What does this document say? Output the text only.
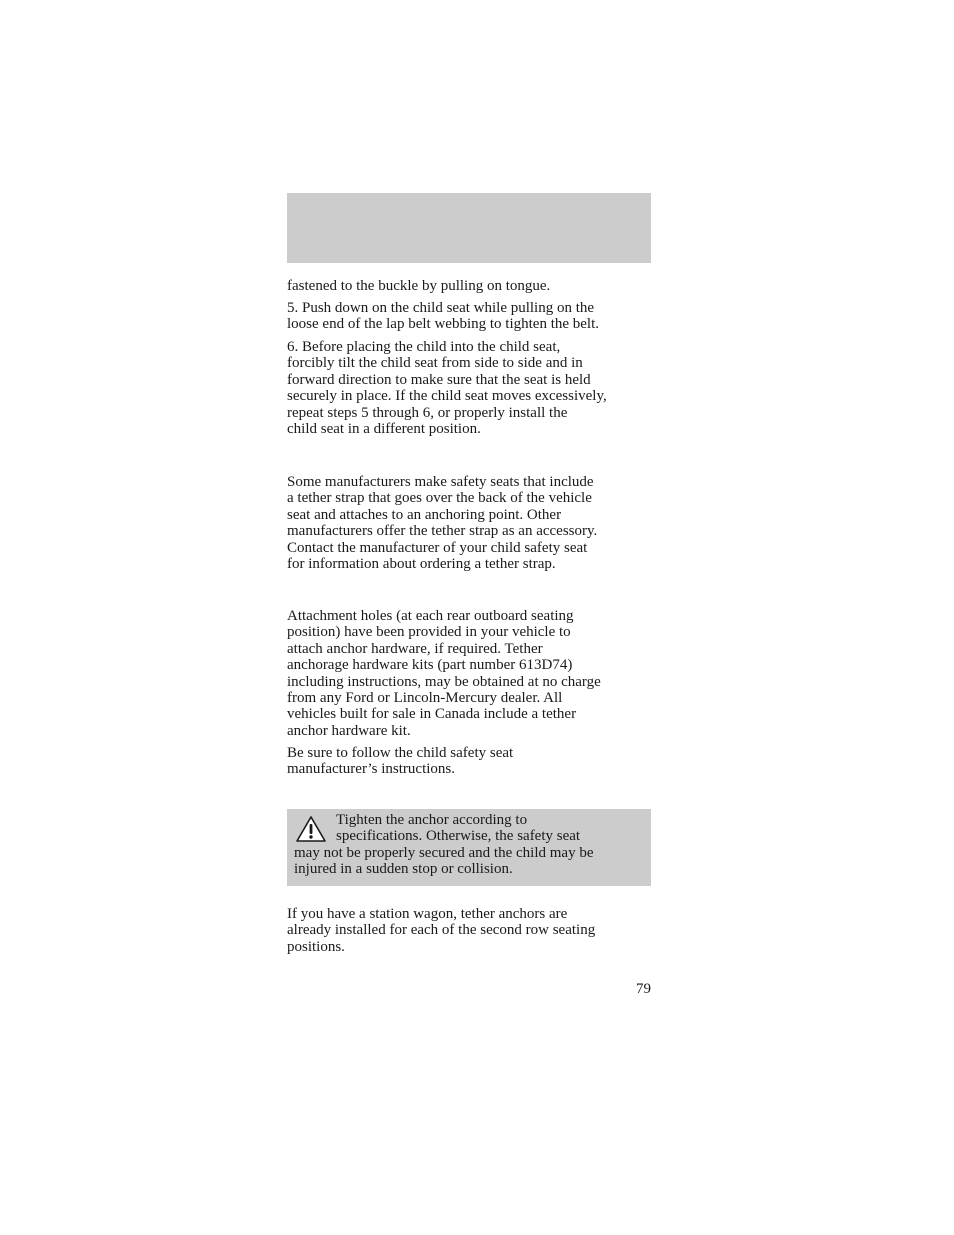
fastened to the buckle by pulling on tongue.

5. Push down on the child seat while pulling on the
loose end of the lap belt webbing to tighten the belt.

6. Before placing the child into the child seat,
forcibly tilt the child seat from side to side and in
forward direction to make sure that the seat is held
securely in place. If the child seat moves excessively,
repeat steps 5 through 6, or properly install the
child seat in a different position.

Some manufacturers make safety seats that include
a tether strap that goes over the back of the vehicle
seat and attaches to an anchoring point. Other
manufacturers offer the tether strap as an accessory.
Contact the manufacturer of your child safety seat
for information about ordering a tether strap.

Attachment holes (at each rear outboard seating
position) have been provided in your vehicle to
attach anchor hardware, if required. Tether
anchorage hardware kits (part number 613D74)
including instructions, may be obtained at no charge
from any Ford or Lincoln-Mercury dealer. All
vehicles built for sale in Canada include a tether
anchor hardware kit.

Be sure to follow the child safety seat
manufacturer’s instructions.

Tighten the anchor according to
specifications. Otherwise, the safety seat
may not be properly secured and the child may be
injured in a sudden stop or collision.

If you have a station wagon, tether anchors are
already installed for each of the second row seating
positions.

79
